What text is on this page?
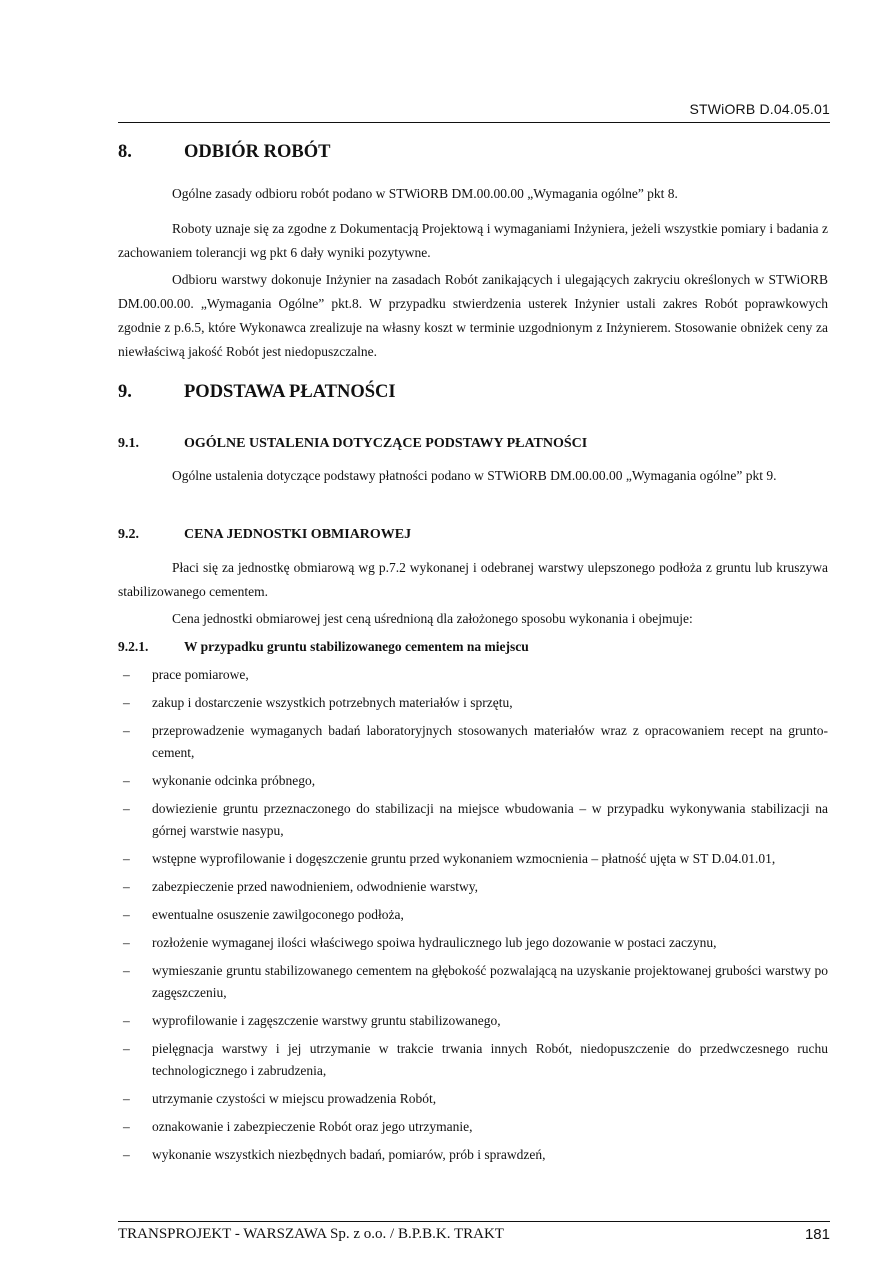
STWiORB D.04.05.01
8.	ODBIÓR ROBÓT

Ogólne zasady odbioru robót podano w STWiORB DM.00.00.00 „Wymagania ogólne” pkt 8.

Roboty uznaje się za zgodne z Dokumentacją Projektową i wymaganiami Inżyniera, jeżeli wszystkie pomiary i badania z zachowaniem tolerancji wg pkt 6 dały wyniki pozytywne.

Odbioru warstwy dokonuje Inżynier na zasadach Robót zanikających i ulegających zakryciu określonych w STWiORB DM.00.00.00. „Wymagania Ogólne” pkt.8. W przypadku stwierdzenia usterek Inżynier ustali zakres Robót poprawkowych zgodnie z p.6.5, które Wykonawca zrealizuje na własny koszt w terminie uzgodnionym z Inżynierem. Stosowanie obniżek ceny za niewłaściwą jakość Robót jest niedopuszczalne.

9.	PODSTAWA PŁATNOŚCI
9.1.	OGÓLNE USTALENIA DOTYCZĄCE PODSTAWY PŁATNOŚCI

Ogólne ustalenia dotyczące podstawy płatności podano w STWiORB DM.00.00.00 „Wymagania ogólne” pkt 9.

9.2.	CENA JEDNOSTKI OBMIAROWEJ

Płaci się za jednostkę obmiarową wg p.7.2 wykonanej i odebranej warstwy ulepszonego podłoża z gruntu lub kruszywa stabilizowanego cementem.

Cena jednostki obmiarowej jest ceną uśrednioną dla założonego sposobu wykonania i obejmuje:

9.2.1.	W przypadku gruntu stabilizowanego cementem na miejscu
– prace pomiarowe,
– zakup i dostarczenie wszystkich potrzebnych materiałów i sprzętu,
– przeprowadzenie wymaganych badań laboratoryjnych stosowanych materiałów wraz z opracowaniem recept na grunto-cement,
– wykonanie odcinka próbnego,
– dowiezienie gruntu przeznaczonego do stabilizacji na miejsce wbudowania – w przypadku wykonywania stabilizacji na górnej warstwie nasypu,
– wstępne wyprofilowanie i dogęszczenie gruntu przed wykonaniem wzmocnienia – płatność ujęta w ST D.04.01.01,
– zabezpieczenie przed nawodnieniem, odwodnienie warstwy,
– ewentualne osuszenie zawilgoconego podłoża,
– rozłożenie wymaganej ilości właściwego spoiwa hydraulicznego lub jego dozowanie w postaci zaczynu,
– wymieszanie gruntu stabilizowanego cementem na głębokość pozwalającą na uzyskanie projektowanej grubości warstwy po zagęszczeniu,
– wyprofilowanie i zagęszczenie warstwy gruntu stabilizowanego,
– pielęgnacja warstwy i jej utrzymanie w trakcie trwania innych Robót, niedopuszczenie do przedwczesnego ruchu technologicznego i zabrudzenia,
– utrzymanie czystości w miejscu prowadzenia Robót,
– oznakowanie i zabezpieczenie Robót oraz jego utrzymanie,
– wykonanie wszystkich niezbędnych badań, pomiarów, prób i sprawdzeń,
TRANSPROJEKT - WARSZAWA Sp. z o.o. / B.P.B.K. TRAKT	181
